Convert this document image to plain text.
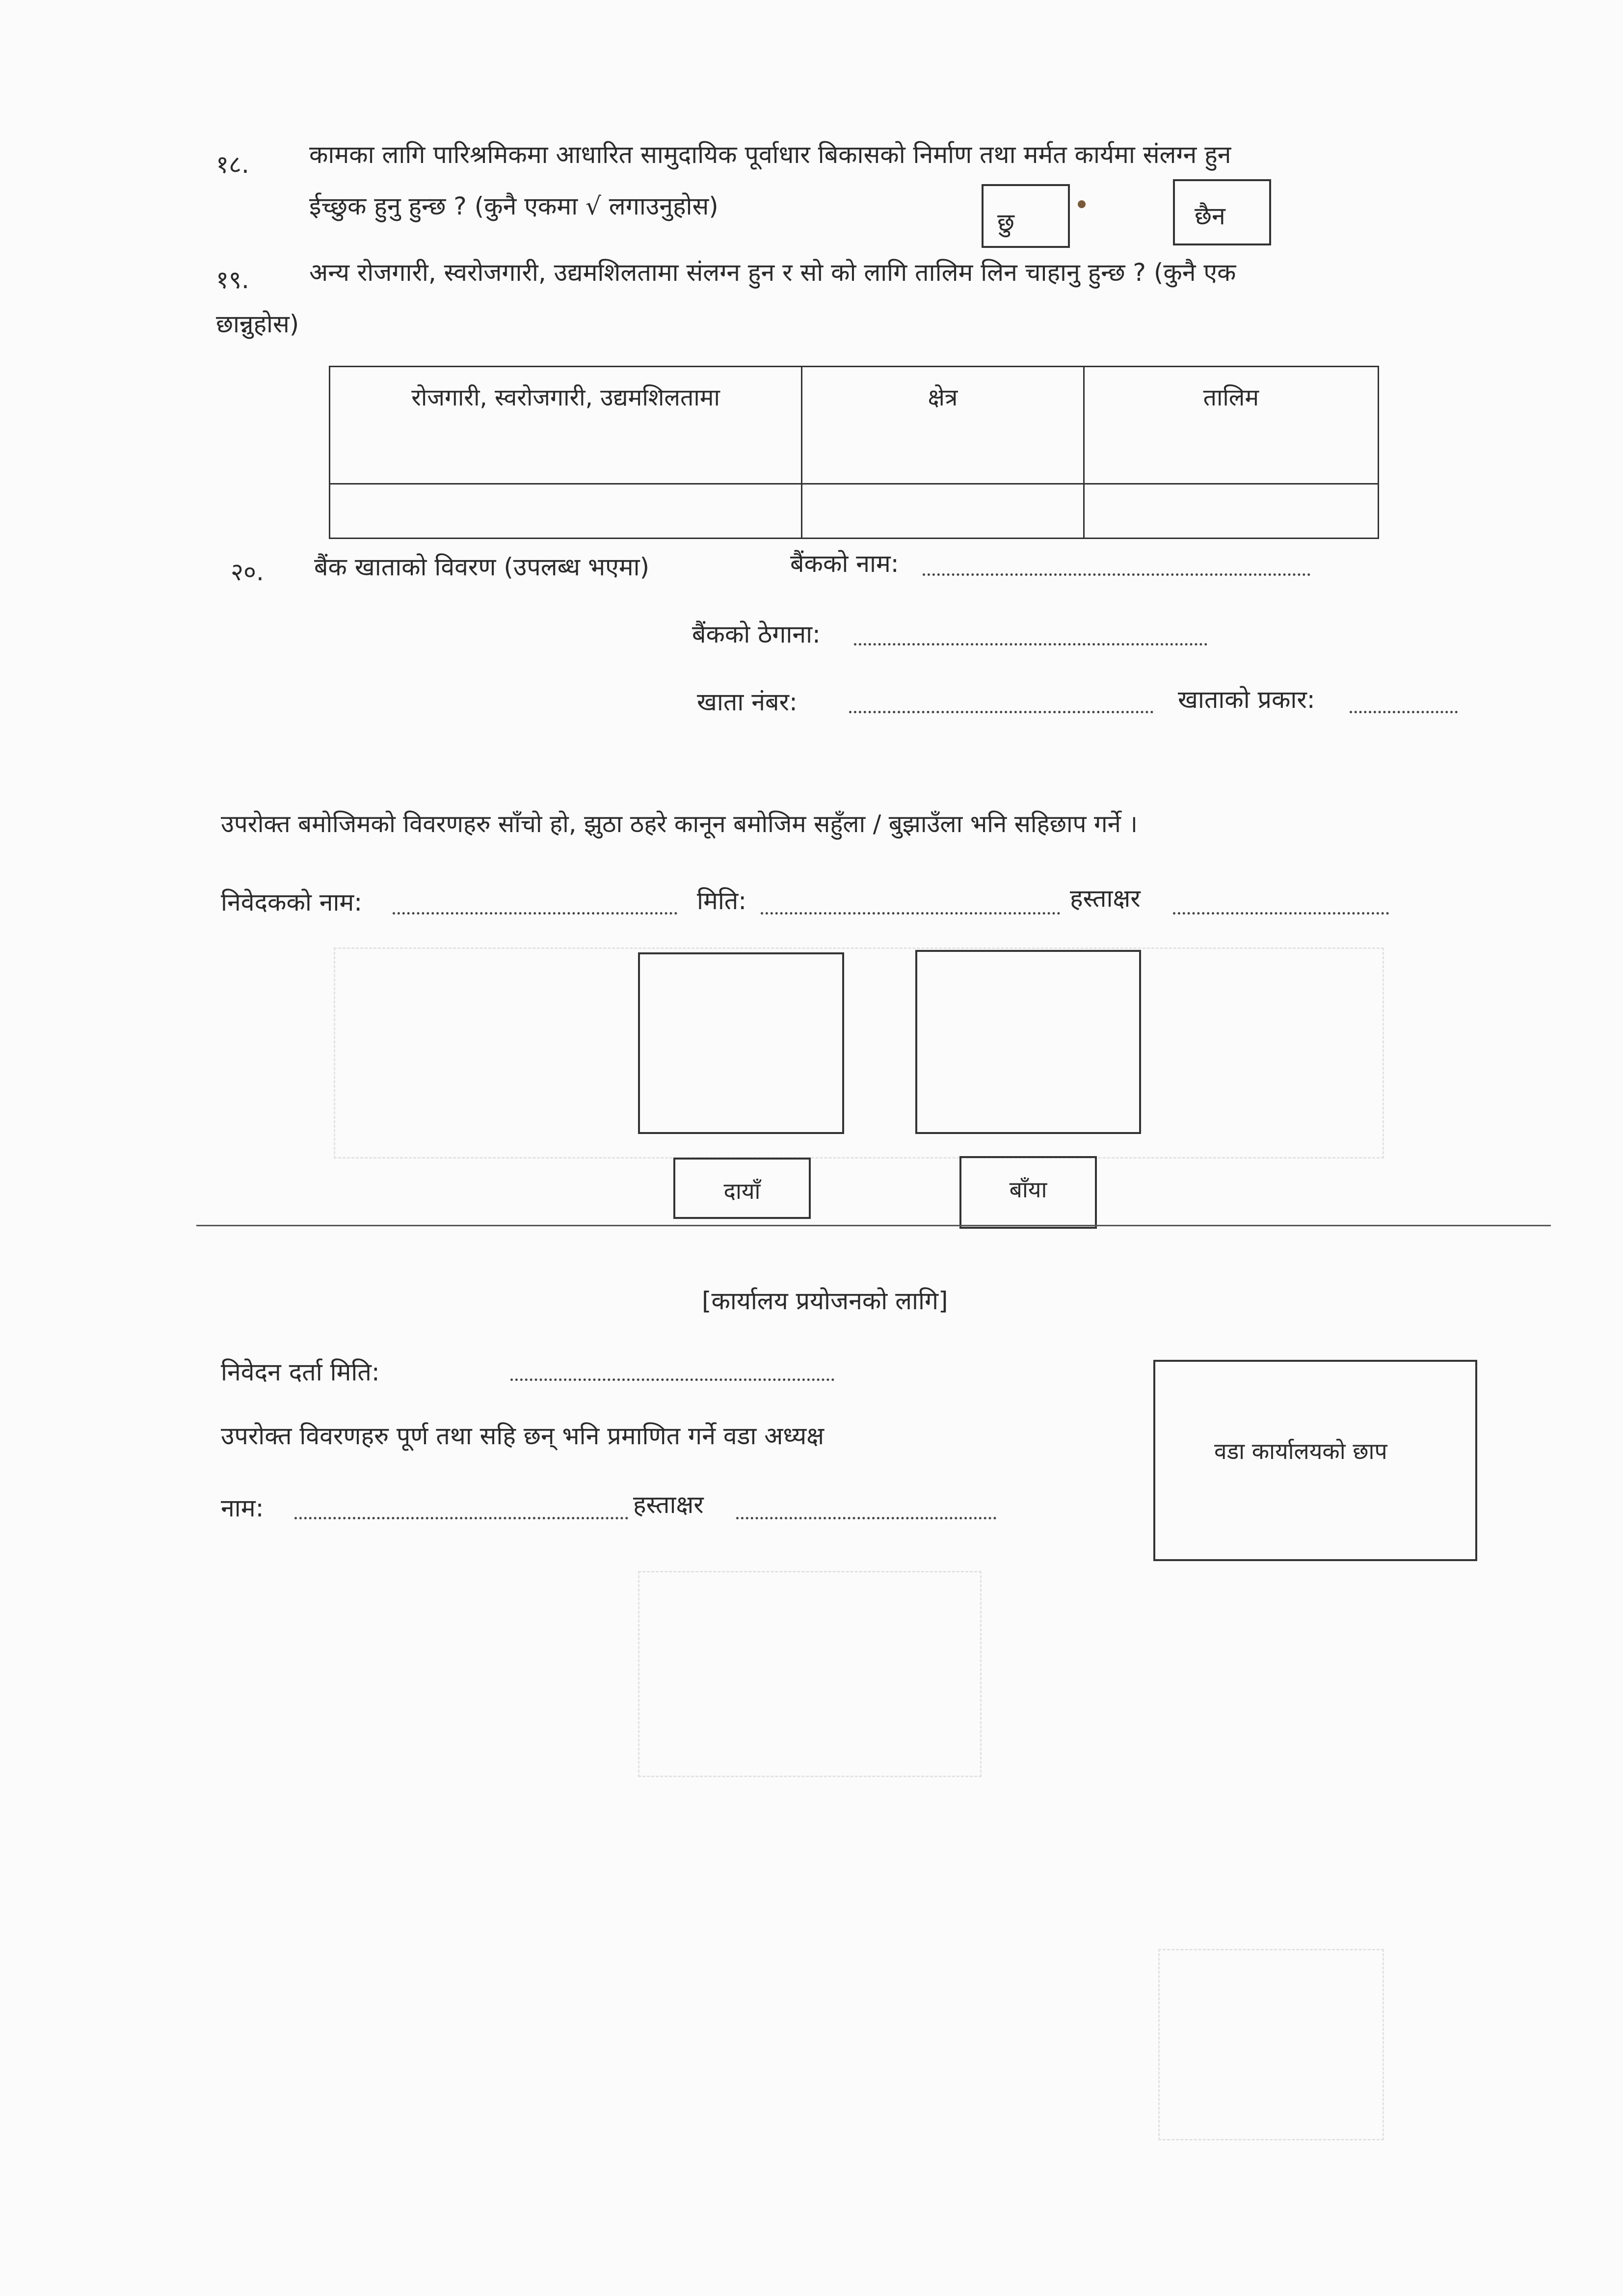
१८. कामका लागि पारिश्रमिकमा आधारित सामुदायिक पूर्वाधार बिकासको निर्माण तथा मर्मत कार्यमा संलग्न हुन
ईच्छुक हुनु हुन्छ ? (कुनै एकमा √ लगाउनुहोस)
छु	छैन
१९. अन्य रोजगारी, स्वरोजगारी, उद्यमशिलतामा संलग्न हुन र सो को लागि तालिम लिन चाहानु हुन्छ ? (कुनै एक
छान्नुहोस)
रोजगारी, स्वरोजगारी, उद्यमशिलतामा	क्षेत्र	तालिम

२०. बैंक खाताको विवरण (उपलब्ध भएमा)	बैंकको नाम:
बैंकको ठेगाना:
खाता नंबर:	खाताको प्रकार:
उपरोक्त बमोजिमको विवरणहरु साँचो हो, झुठा ठहरे कानून बमोजिम सहुँला / बुझाउँला भनि सहिछाप गर्ने ।
निवेदकको नाम:	मिति:	हस्ताक्षर
दायाँ	बाँया
[कार्यालय प्रयोजनको लागि]
निवेदन दर्ता मिति:
उपरोक्त विवरणहरु पूर्ण तथा सहि छन् भनि प्रमाणित गर्ने वडा अध्यक्ष
नाम:	हस्ताक्षर
वडा कार्यालयको छाप
